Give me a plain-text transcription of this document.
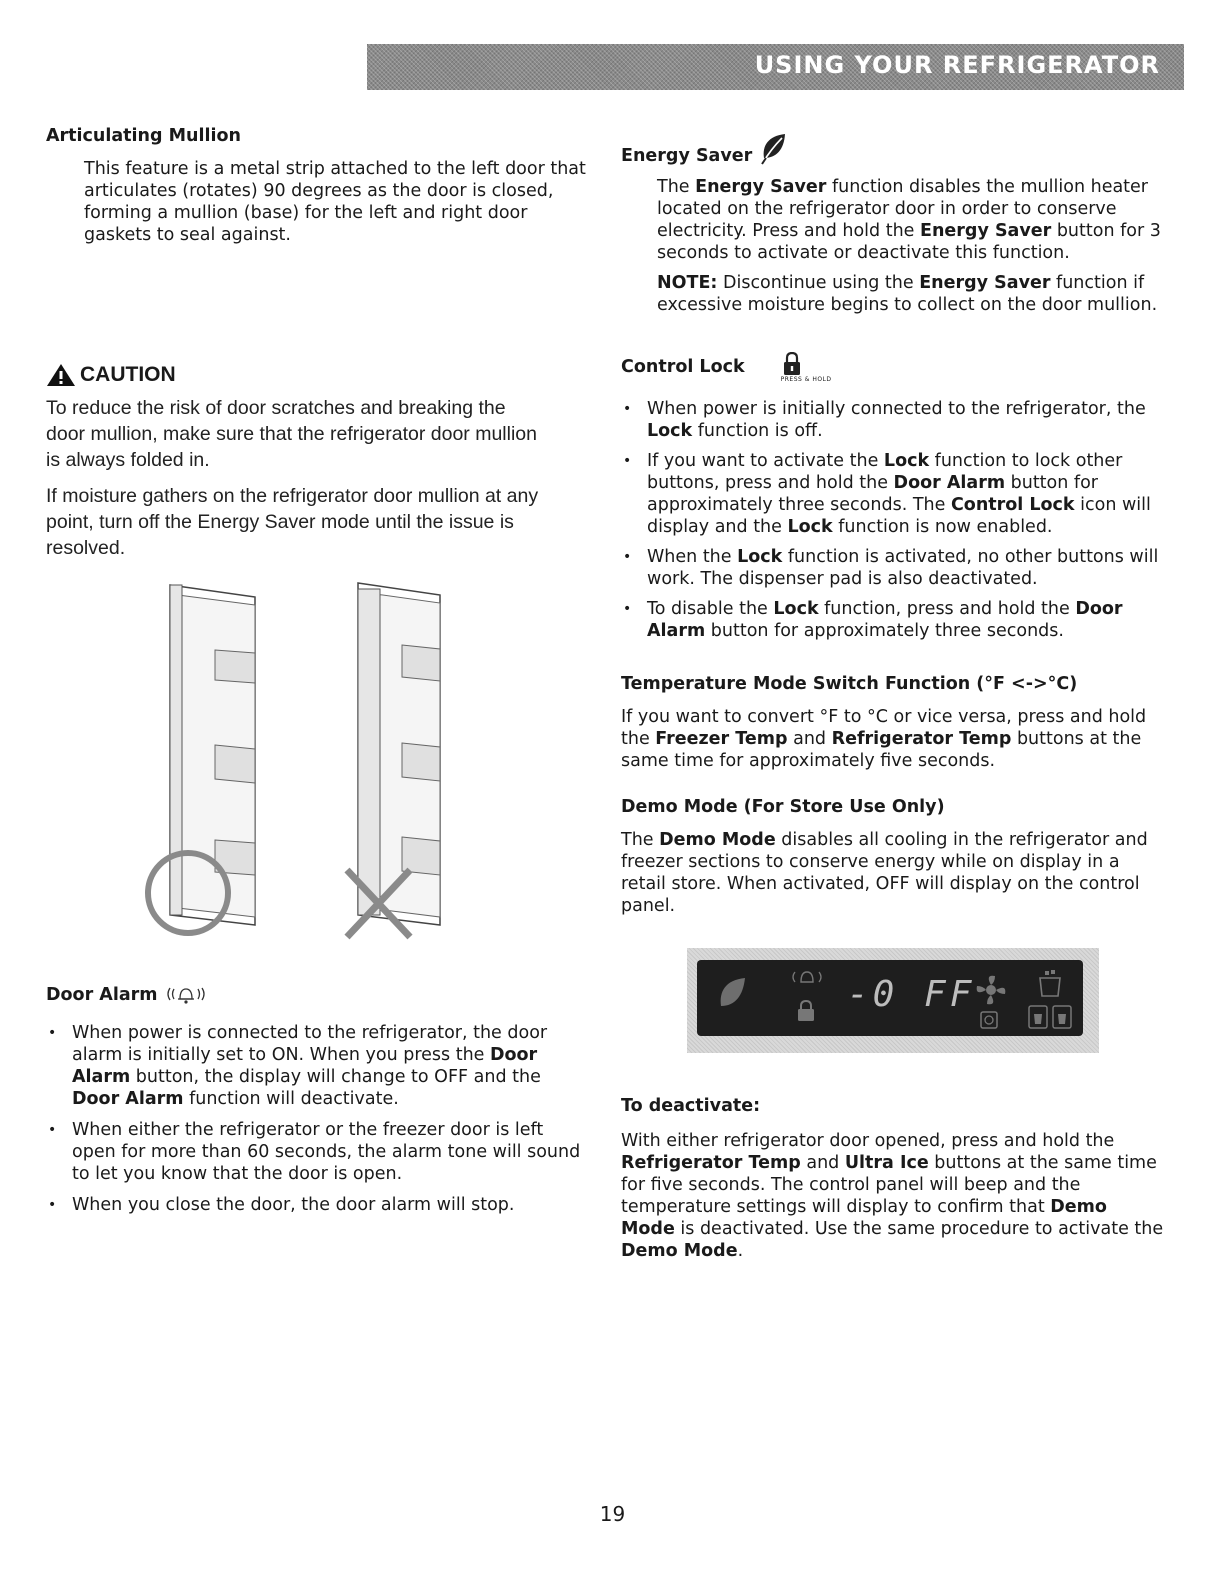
USING YOUR REFRIGERATOR

Articulating Mullion

This feature is a metal strip attached to the left door that articulates (rotates) 90 degrees as the door is closed, forming a mullion (base) for the left and right door gaskets to seal against.

CAUTION

To reduce the risk of door scratches and breaking the door mullion, make sure that the refrigerator door mullion is always folded in.

If moisture gathers on the refrigerator door mullion at any point, turn off the Energy Saver mode until the issue is resolved.

Door Alarm

• When power is connected to the refrigerator, the door alarm is initially set to ON. When you press the Door Alarm button, the display will change to OFF and the Door Alarm function will deactivate.
• When either the refrigerator or the freezer door is left open for more than 60 seconds, the alarm tone will sound to let you know that the door is open.
• When you close the door, the door alarm will stop.

Energy Saver

The Energy Saver function disables the mullion heater located on the refrigerator door in order to conserve electricity. Press and hold the Energy Saver button for 3 seconds to activate or deactivate this function.

NOTE: Discontinue using the Energy Saver function if excessive moisture begins to collect on the door mullion.

Control Lock
PRESS & HOLD
• When power is initially connected to the refrigerator, the Lock function is off.
• If you want to activate the Lock function to lock other buttons, press and hold the Door Alarm button for approximately three seconds. The Control Lock icon will display and the Lock function is now enabled.
• When the Lock function is activated, no other buttons will work. The dispenser pad is also deactivated.
• To disable the Lock function, press and hold the Door Alarm button for approximately three seconds.

Temperature Mode Switch Function (°F <->°C)

If you want to convert °F to °C or vice versa, press and hold the Freezer Temp and Refrigerator Temp buttons at the same time for approximately five seconds.

Demo Mode (For Store Use Only)

The Demo Mode disables all cooling in the refrigerator and freezer sections to conserve energy while on display in a retail store. When activated, OFF will display on the control panel.

-0 FF

To deactivate:

With either refrigerator door opened, press and hold the Refrigerator Temp and Ultra Ice buttons at the same time for five seconds. The control panel will beep and the temperature settings will display to confirm that Demo Mode is deactivated. Use the same procedure to activate the Demo Mode.

19
